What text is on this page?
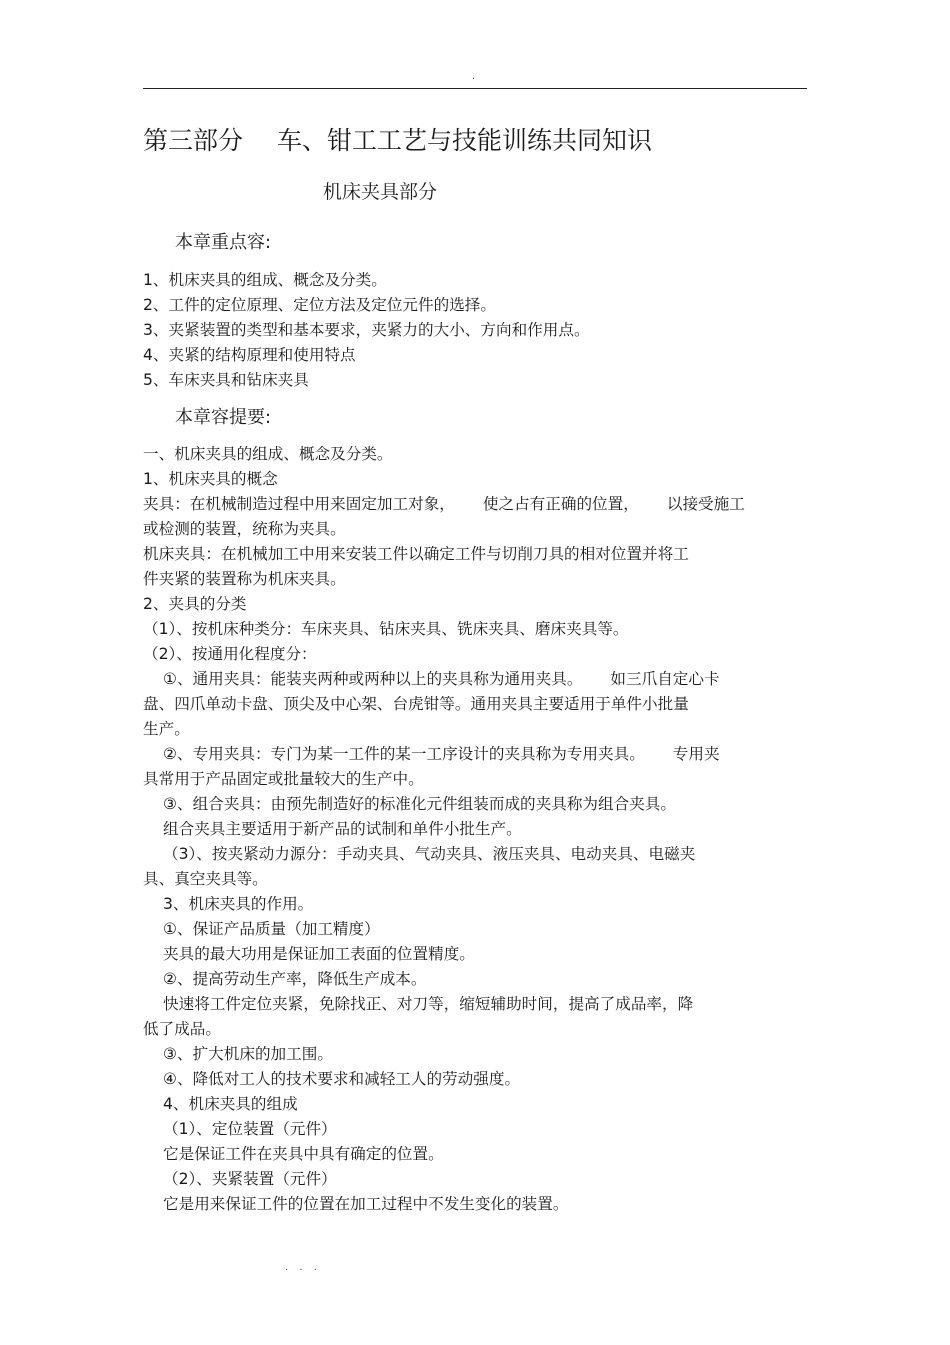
.
第三部分 车、钳工工艺与技能训练共同知识
机床夹具部分
本章重点容:
1、机床夹具的组成、概念及分类。
2、工件的定位原理、定位方法及定位元件的选择。
3、夹紧装置的类型和基本要求，夹紧力的大小、方向和作用点。
4、夹紧的结构原理和使用特点
5、车床夹具和钻床夹具
本章容提要:
一、机床夹具的组成、概念及分类。
1、机床夹具的概念
夹具：在机械制造过程中用来固定加工对象， 使之占有正确的位置， 以接受施工
或检测的装置，统称为夹具。
机床夹具：在机械加工中用来安装工件以确定工件与切削刀具的相对位置并将工
件夹紧的装置称为机床夹具。
2、夹具的分类
（1）、按机床种类分：车床夹具、钻床夹具、铣床夹具、磨床夹具等。
（2）、按通用化程度分：
①、通用夹具：能装夹两种或两种以上的夹具称为通用夹具。 如三爪自定心卡
盘、四爪单动卡盘、顶尖及中心架、台虎钳等。通用夹具主要适用于单件小批量
生产。
②、专用夹具：专门为某一工件的某一工序设计的夹具称为专用夹具。 专用夹
具常用于产品固定或批量较大的生产中。
③、组合夹具：由预先制造好的标准化元件组装而成的夹具称为组合夹具。
组合夹具主要适用于新产品的试制和单件小批生产。
（3）、按夹紧动力源分：手动夹具、气动夹具、液压夹具、电动夹具、电磁夹
具、真空夹具等。
3、机床夹具的作用。
①、保证产品质量（加工精度）
夹具的最大功用是保证加工表面的位置精度。
②、提高劳动生产率，降低生产成本。
快速将工件定位夹紧，免除找正、对刀等，缩短辅助时间，提高了成品率，降
低了成品。
③、扩大机床的加工围。
④、降低对工人的技术要求和减轻工人的劳动强度。
4、机床夹具的组成
（1）、定位装置（元件）
它是保证工件在夹具中具有确定的位置。
（2）、夹紧装置（元件）
它是用来保证工件的位置在加工过程中不发生变化的装置。
. . .
